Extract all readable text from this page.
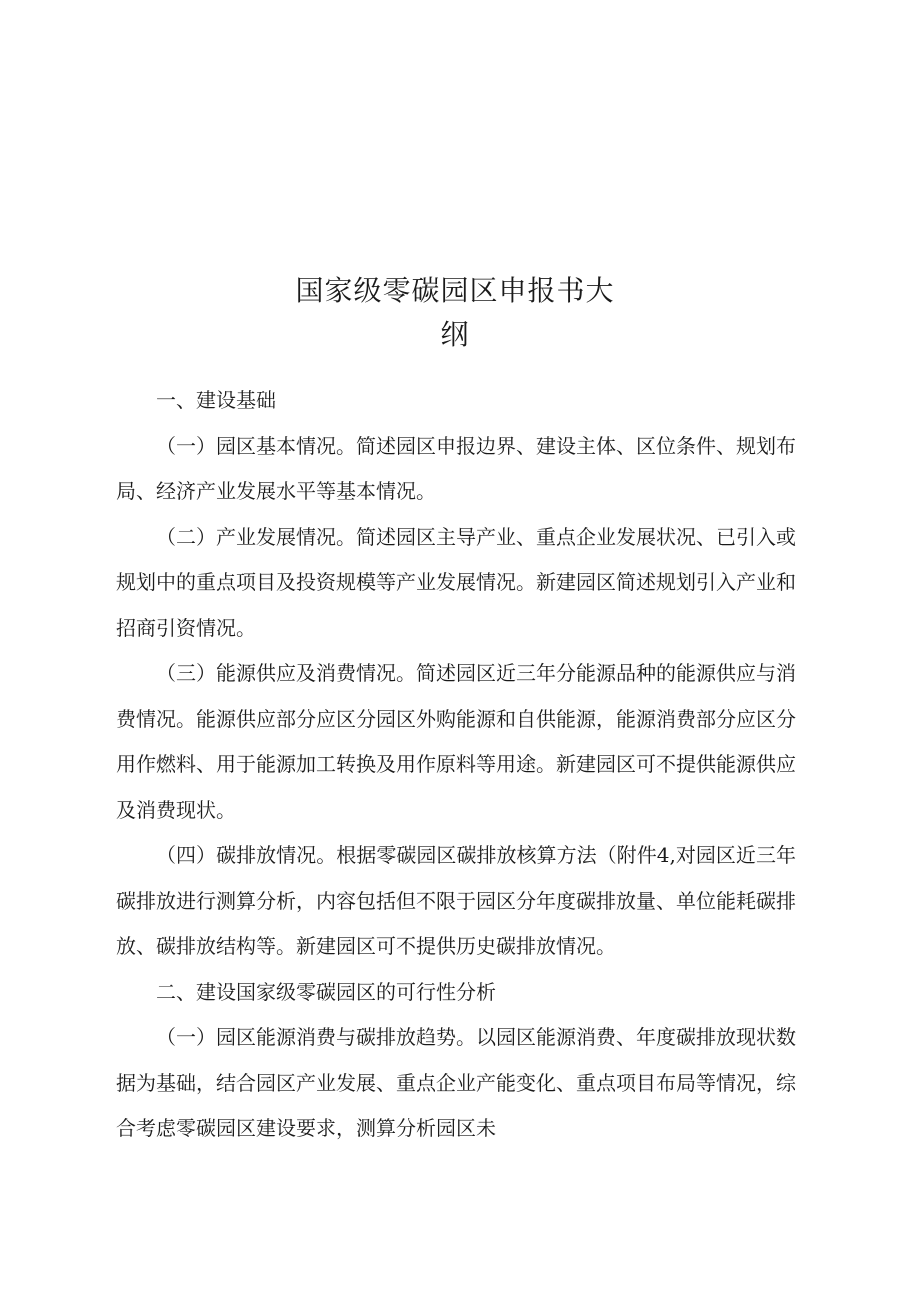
国家级零碳园区申报书大
纲

一、建设基础

（一）园区基本情况。简述园区申报边界、建设主体、区位条件、规划布局、经济产业发展水平等基本情况。

（二）产业发展情况。简述园区主导产业、重点企业发展状况、已引入或规划中的重点项目及投资规模等产业发展情况。新建园区简述规划引入产业和招商引资情况。

（三）能源供应及消费情况。简述园区近三年分能源品种的能源供应与消费情况。能源供应部分应区分园区外购能源和自供能源，能源消费部分应区分用作燃料、用于能源加工转换及用作原料等用途。新建园区可不提供能源供应及消费现状。

（四）碳排放情况。根据零碳园区碳排放核算方法（附件4,对园区近三年碳排放进行测算分析，内容包括但不限于园区分年度碳排放量、单位能耗碳排放、碳排放结构等。新建园区可不提供历史碳排放情况。

二、建设国家级零碳园区的可行性分析

（一）园区能源消费与碳排放趋势。以园区能源消费、年度碳排放现状数据为基础，结合园区产业发展、重点企业产能变化、重点项目布局等情况，综合考虑零碳园区建设要求，测算分析园区未
